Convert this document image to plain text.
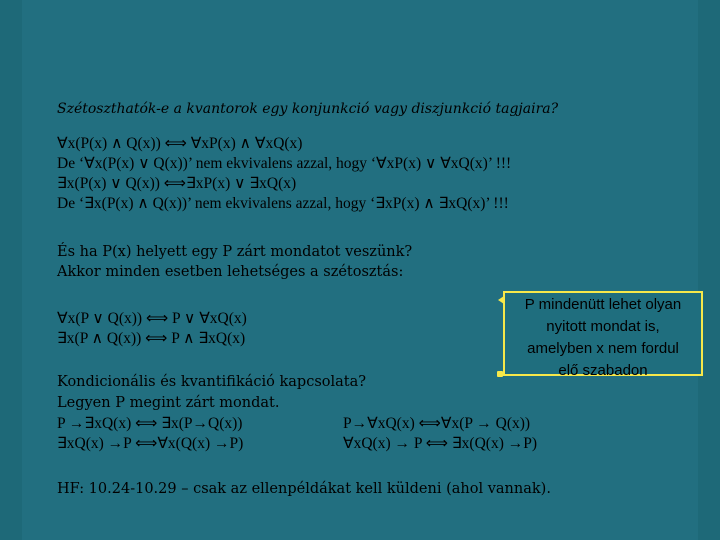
Szétoszthatók-e a kvantorok egy konjunkció vagy diszjunkció tagjaira?
∀x(P(x) ∧ Q(x)) ⟺ ∀xP(x) ∧ ∀xQ(x)
De ‘∀x(P(x) ∨ Q(x))’ nem ekvivalens azzal, hogy ‘∀xP(x) ∨ ∀xQ(x)’ !!!
∃x(P(x) ∨ Q(x)) ⟺∃xP(x) ∨ ∃xQ(x)
De ‘∃x(P(x) ∧ Q(x))’ nem ekvivalens azzal, hogy ‘∃xP(x) ∧ ∃xQ(x)’ !!!
És ha P(x) helyett egy P zárt mondatot veszünk?
Akkor minden esetben lehetséges a szétosztás:
∀x(P ∨ Q(x)) ⟺ P ∨ ∀xQ(x)
∃x(P ∧ Q(x)) ⟺ P ∧ ∃xQ(x)
P mindenütt lehet olyan
nyitott mondat is,
amelyben x nem fordul
elő szabadon
Kondicionális és kvantifikáció kapcsolata?
Legyen P megint zárt mondat.
P →∃xQ(x) ⟺ ∃x(P→Q(x))
∃xQ(x) →P ⟺∀x(Q(x) →P)
P→∀xQ(x) ⟺∀x(P → Q(x))
∀xQ(x) → P ⟺ ∃x(Q(x) →P)
HF: 10.24-10.29 – csak az ellenpéldákat kell küldeni (ahol vannak).
